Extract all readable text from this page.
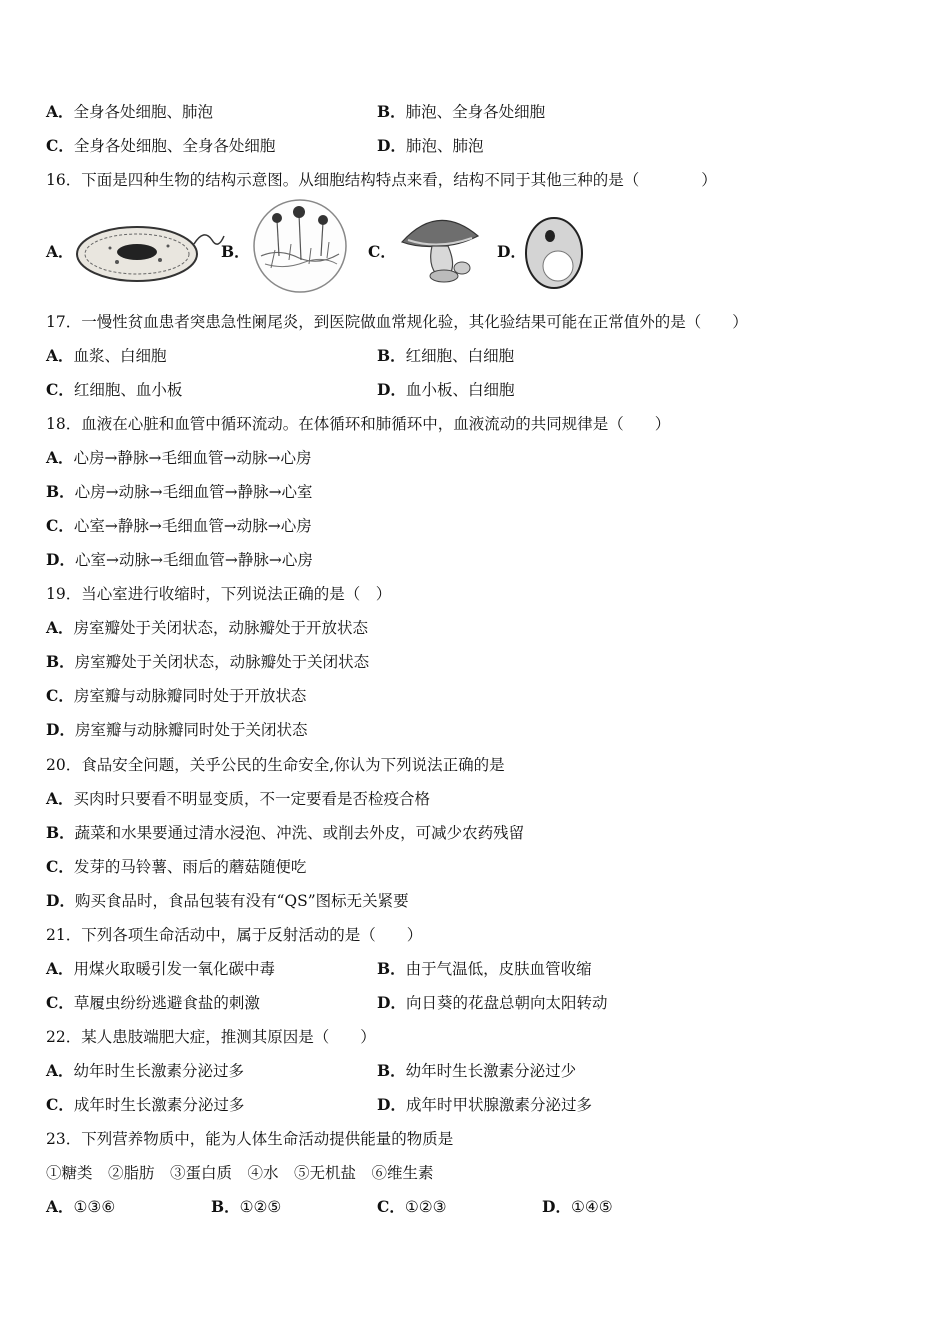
A．全身各处细胞、肺泡	B．肺泡、全身各处细胞
C．全身各处细胞、全身各处细胞	D．肺泡、肺泡
16．下面是四种生物的结构示意图。从细胞结构特点来看，结构不同于其他三种的是（　　　　）
A．	B．	C．	D．
17．一慢性贫血患者突患急性阑尾炎，到医院做血常规化验，其化验结果可能在正常值外的是（　　）
A．血浆、白细胞	B．红细胞、白细胞
C．红细胞、血小板	D．血小板、白细胞
18．血液在心脏和血管中循环流动。在体循环和肺循环中，血液流动的共同规律是（　　）
A．心房→静脉→毛细血管→动脉→心房
B．心房→动脉→毛细血管→静脉→心室
C．心室→静脉→毛细血管→动脉→心房
D．心室→动脉→毛细血管→静脉→心房
19．当心室进行收缩时，下列说法正确的是（　）
A．房室瓣处于关闭状态，动脉瓣处于开放状态
B．房室瓣处于关闭状态，动脉瓣处于关闭状态
C．房室瓣与动脉瓣同时处于开放状态
D．房室瓣与动脉瓣同时处于关闭状态
20．食品安全问题，关乎公民的生命安全,你认为下列说法正确的是
A．买肉时只要看不明显变质，不一定要看是否检疫合格
B．蔬菜和水果要通过清水浸泡、冲洗、或削去外皮，可减少农药残留
C．发芽的马铃薯、雨后的蘑菇随便吃
D．购买食品时，食品包装有没有“QS”图标无关紧要
21．下列各项生命活动中，属于反射活动的是（　　）
A．用煤火取暖引发一氧化碳中毒	B．由于气温低，皮肤血管收缩
C．草履虫纷纷逃避食盐的刺激	D．向日葵的花盘总朝向太阳转动
22．某人患肢端肥大症，推测其原因是（　　）
A．幼年时生长激素分泌过多	B．幼年时生长激素分泌过少
C．成年时生长激素分泌过多	D．成年时甲状腺激素分泌过多
23．下列营养物质中，能为人体生命活动提供能量的物质是
①糖类　②脂肪　③蛋白质　④水　⑤无机盐　⑥维生素
A．①③⑥	B．①②⑤	C．①②③	D．①④⑤
